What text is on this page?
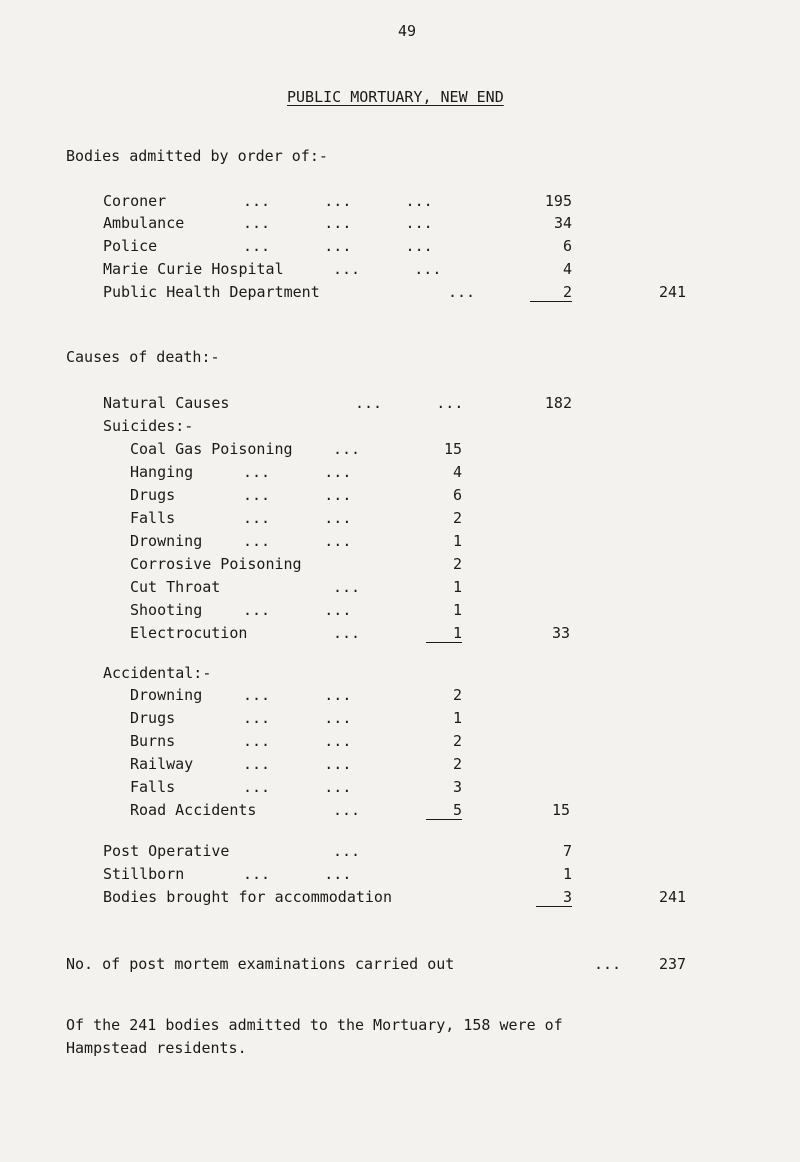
49
PUBLIC MORTUARY, NEW END
Bodies admitted by order of:-
Coroner	...      ...      ...	195
Ambulance	...      ...      ...	34
Police	...      ...      ...	6
Marie Curie Hospital	...      ...	4
Public Health Department	...	2	241
Causes of death:-
Natural Causes	...      ...	182
Suicides:-
Coal Gas Poisoning	...	15
Hanging	...      ...	4
Drugs	...      ...	6
Falls	...      ...	2
Drowning	...      ...	1
Corrosive Poisoning	2
Cut Throat	...	1
Shooting	...      ...	1
Electrocution	...	1	33
Accidental:-
Drowning	...      ...	2
Drugs	...      ...	1
Burns	...      ...	2
Railway	...      ...	2
Falls	...      ...	3
Road Accidents	...	5	15
Post Operative	...	7
Stillborn	...      ...	1
Bodies brought for accommodation	3	241
No. of post mortem examinations carried out	...	237
Of the 241 bodies admitted to the Mortuary, 158 were of
Hampstead residents.
